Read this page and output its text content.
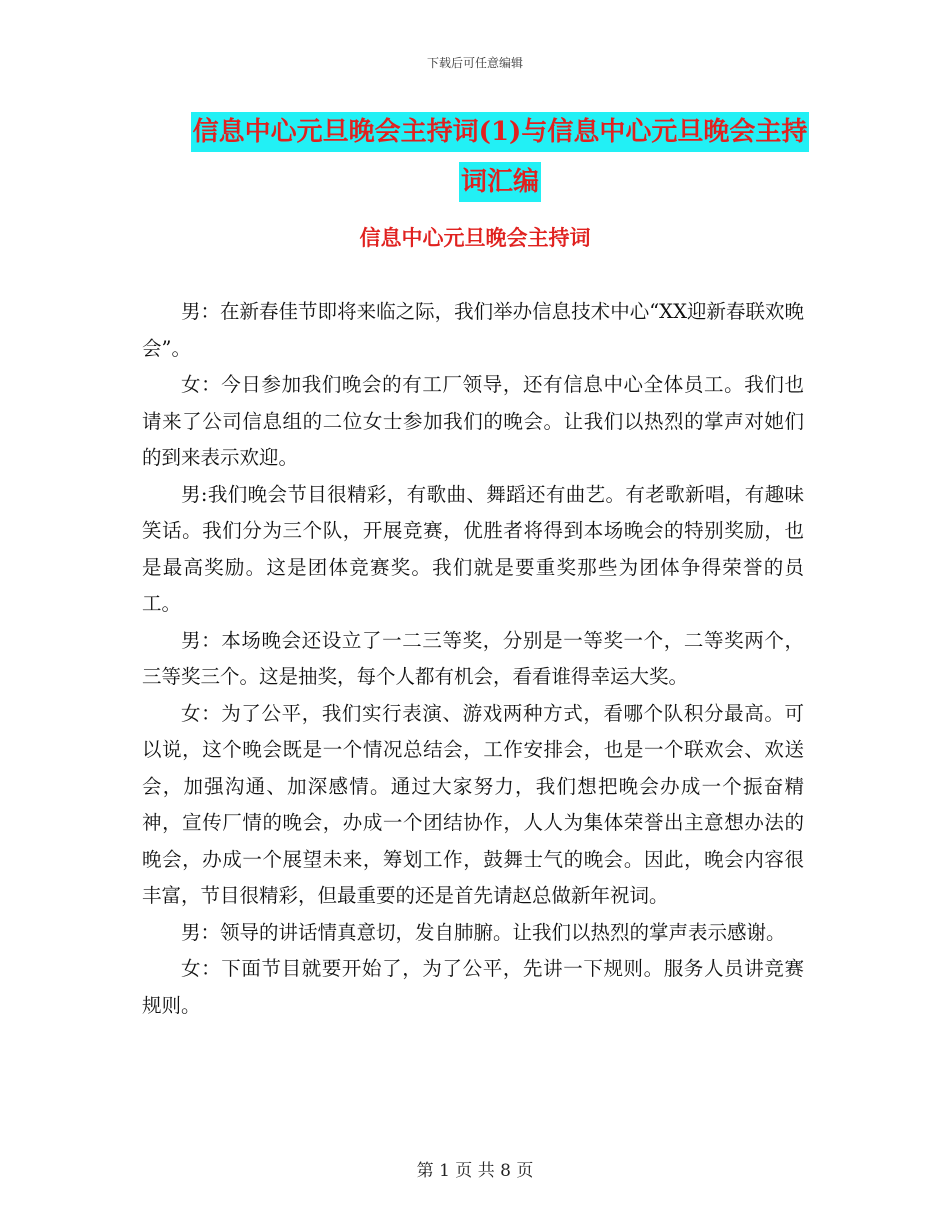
下载后可任意编辑
信息中心元旦晚会主持词(1)与信息中心元旦晚会主持
词汇编
信息中心元旦晚会主持词

男：在新春佳节即将来临之际，我们举办信息技术中心“XX迎新春联欢晚会”。

女：今日参加我们晚会的有工厂领导，还有信息中心全体员工。我们也请来了公司信息组的二位女士参加我们的晚会。让我们以热烈的掌声对她们的到来表示欢迎。

男:我们晚会节目很精彩，有歌曲、舞蹈还有曲艺。有老歌新唱，有趣味笑话。我们分为三个队，开展竞赛，优胜者将得到本场晚会的特别奖励，也是最高奖励。这是团体竞赛奖。我们就是要重奖那些为团体争得荣誉的员工。

男：本场晚会还设立了一二三等奖，分别是一等奖一个，二等奖两个，三等奖三个。这是抽奖，每个人都有机会，看看谁得幸运大奖。

女：为了公平，我们实行表演、游戏两种方式，看哪个队积分最高。可以说，这个晚会既是一个情况总结会，工作安排会，也是一个联欢会、欢送会，加强沟通、加深感情。通过大家努力，我们想把晚会办成一个振奋精神，宣传厂情的晚会，办成一个团结协作，人人为集体荣誉出主意想办法的晚会，办成一个展望未来，筹划工作，鼓舞士气的晚会。因此，晚会内容很丰富，节目很精彩，但最重要的还是首先请赵总做新年祝词。

男：领导的讲话情真意切，发自肺腑。让我们以热烈的掌声表示感谢。

女：下面节目就要开始了，为了公平，先讲一下规则。服务人员讲竞赛规则。

第 1 页 共 8 页
